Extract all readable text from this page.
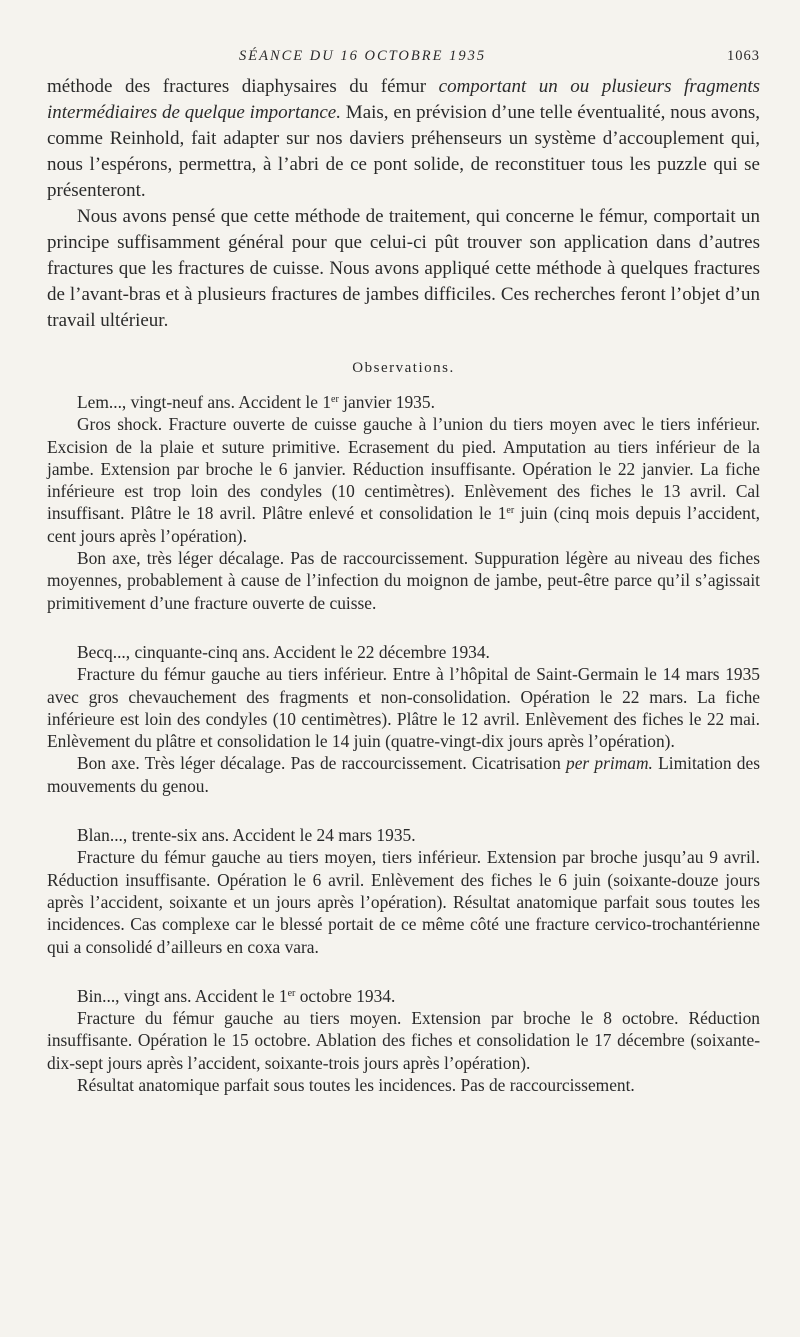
SÉANCE DU 16 OCTOBRE 1935	1063

méthode des fractures diaphysaires du fémur comportant un ou plusieurs fragments intermédiaires de quelque importance. Mais, en prévision d’une telle éventualité, nous avons, comme Reinhold, fait adapter sur nos daviers préhenseurs un système d’accouplement qui, nous l’espérons, permettra, à l’abri de ce pont solide, de reconstituer tous les puzzle qui se présenteront.

Nous avons pensé que cette méthode de traitement, qui concerne le fémur, comportait un principe suffisamment général pour que celui-ci pût trouver son application dans d’autres fractures que les fractures de cuisse. Nous avons appliqué cette méthode à quelques fractures de l’avant-bras et à plusieurs fractures de jambes difficiles. Ces recherches feront l’objet d’un travail ultérieur.

Observations.

Lem..., vingt-neuf ans. Accident le 1er janvier 1935.

Gros shock. Fracture ouverte de cuisse gauche à l’union du tiers moyen avec le tiers inférieur. Excision de la plaie et suture primitive. Ecrasement du pied. Amputation au tiers inférieur de la jambe. Extension par broche le 6 janvier. Réduction insuffisante. Opération le 22 janvier. La fiche inférieure est trop loin des condyles (10 centimètres). Enlèvement des fiches le 13 avril. Cal insuffisant. Plâtre le 18 avril. Plâtre enlevé et consolidation le 1er juin (cinq mois depuis l’accident, cent jours après l’opération).

Bon axe, très léger décalage. Pas de raccourcissement. Suppuration légère au niveau des fiches moyennes, probablement à cause de l’infection du moignon de jambe, peut-être parce qu’il s’agissait primitivement d’une fracture ouverte de cuisse.

Becq..., cinquante-cinq ans. Accident le 22 décembre 1934.

Fracture du fémur gauche au tiers inférieur. Entre à l’hôpital de Saint-Germain le 14 mars 1935 avec gros chevauchement des fragments et non-consolidation. Opération le 22 mars. La fiche inférieure est loin des condyles (10 centimètres). Plâtre le 12 avril. Enlèvement des fiches le 22 mai. Enlèvement du plâtre et consolidation le 14 juin (quatre-vingt-dix jours après l’opération).

Bon axe. Très léger décalage. Pas de raccourcissement. Cicatrisation per primam. Limitation des mouvements du genou.

Blan..., trente-six ans. Accident le 24 mars 1935.

Fracture du fémur gauche au tiers moyen, tiers inférieur. Extension par broche jusqu’au 9 avril. Réduction insuffisante. Opération le 6 avril. Enlèvement des fiches le 6 juin (soixante-douze jours après l’accident, soixante et un jours après l’opération). Résultat anatomique parfait sous toutes les incidences. Cas complexe car le blessé portait de ce même côté une fracture cervico-trochantérienne qui a consolidé d’ailleurs en coxa vara.

Bin..., vingt ans. Accident le 1er octobre 1934.

Fracture du fémur gauche au tiers moyen. Extension par broche le 8 octobre. Réduction insuffisante. Opération le 15 octobre. Ablation des fiches et consolidation le 17 décembre (soixante-dix-sept jours après l’accident, soixante-trois jours après l’opération).

Résultat anatomique parfait sous toutes les incidences. Pas de raccourcissement.
